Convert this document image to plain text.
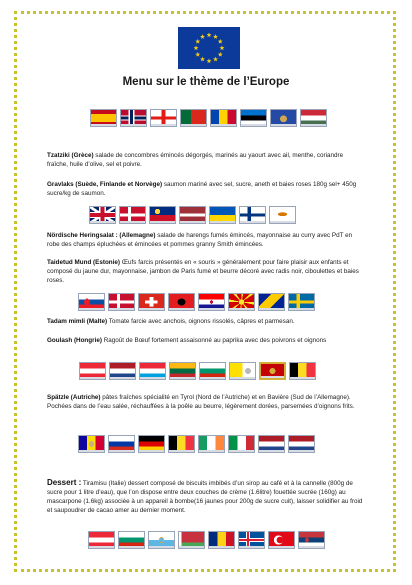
Menu sur le thème de l’Europe
Tzatziki (Grèce) salade de concombres émincés dégorgés, marinés au yaourt avec ail, menthe, coriandre fraîche, huile d’olive, sel et poivre.
Gravlaks (Suède, Finlande et Norvège) saumon mariné avec sel, sucre, aneth et baies roses 180g sel+ 450g sucre/kg de saumon.
Nördische Heringsalat : (Allemagne) salade de harengs fumés émincés, mayonnaise au curry avec PdT en robe des champs épluchées et émincées et pommes granny Smith émincées.
Taidetud Mund (Estonie) Œufs farcis présentés en « souris » généralement pour faire plaisir aux enfants et composé du jaune dur, mayonnaise, jambon de Paris fumé et beurre décoré avec radis noir, ciboulettes et baies roses.
Tadam mimli (Malte) Tomate farcie avec anchois, oignons rissolés, câpres et parmesan.
Goulash (Hongrie) Ragoût de Bœuf fortement assaisonné au paprika avec des poivrons et oignons
Spätzle (Autriche) pâtes fraîches spécialité en Tyrol (Nord de l’Autriche) et en Bavière (Sud de l’Allemagne). Pochées dans de l’eau salée, réchauffées à la poêle au beurre, légèrement dorées, parsemées d’oignons frits.
Dessert : Tiramisu (Italie) dessert composé de biscuits imbibés d’un sirop au café et à la cannelle (800g de sucre pour 1 litre d’eau), que l’on dispose entre deux couches de crème (1.6litre) fouettée sucrée (160g) au mascarpone (1.6kg) associée à un appareil à bombe(16 jaunes pour 200g de sucre cuit), laisser solidifier au froid et saupoudrer de cacao amer au dernier moment.
